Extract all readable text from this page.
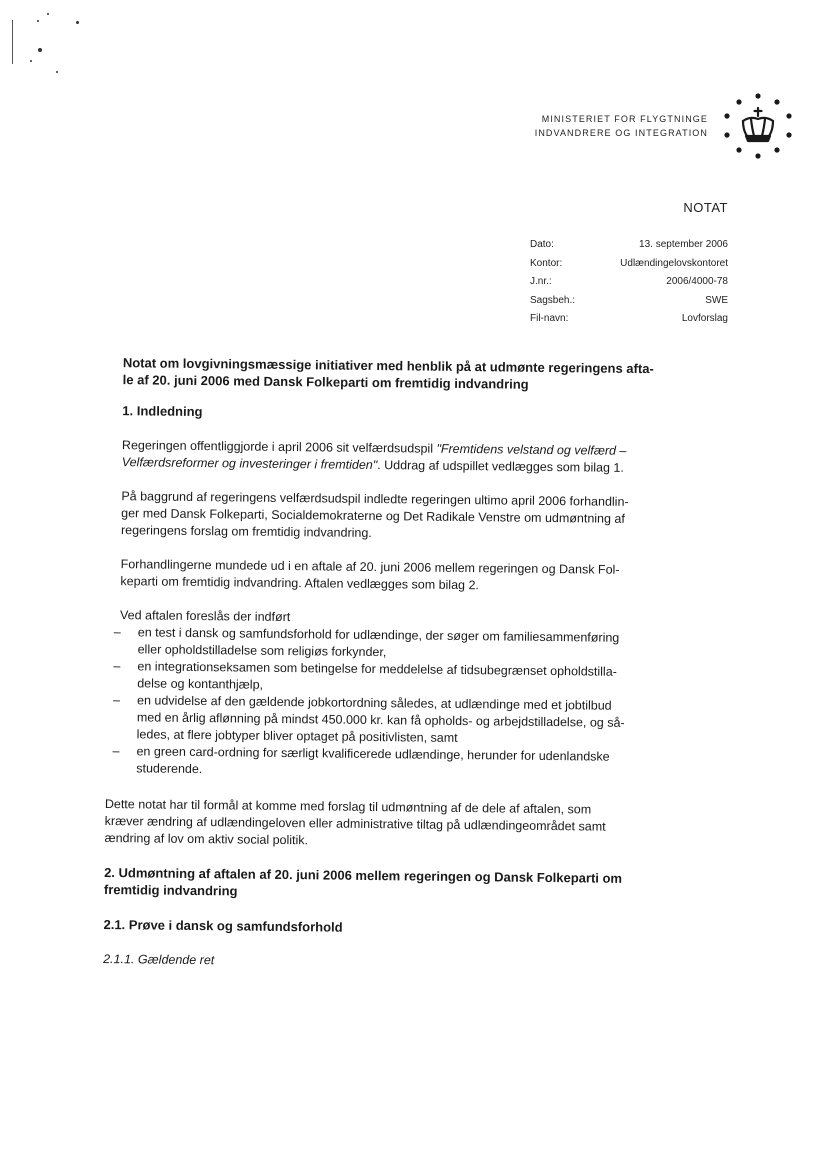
MINISTERIET FOR FLYGTNINGE
INDVANDRERE OG INTEGRATION
NOTAT
Dato:	13. september 2006
Kontor:	Udlændingelovskontoret
J.nr.:	2006/4000-78
Sagsbeh.:	SWE
Fil-navn:	Lovforslag
Notat om lovgivningsmæssige initiativer med henblik på at udmønte regeringens afta-
le af 20. juni 2006 med Dansk Folkeparti om fremtidig indvandring
1. Indledning
Regeringen offentliggjorde i april 2006 sit velfærdsudspil "Fremtidens velstand og velfærd –
Velfærdsreformer og investeringer i fremtiden". Uddrag af udspillet vedlægges som bilag 1.
På baggrund af regeringens velfærdsudspil indledte regeringen ultimo april 2006 forhandlin-
ger med Dansk Folkeparti, Socialdemokraterne og Det Radikale Venstre om udmøntning af
regeringens forslag om fremtidig indvandring.
Forhandlingerne mundede ud i en aftale af 20. juni 2006 mellem regeringen og Dansk Fol-
keparti om fremtidig indvandring. Aftalen vedlægges som bilag 2.
Ved aftalen foreslås der indført
– en test i dansk og samfundsforhold for udlændinge, der søger om familiesammenføring
eller opholdstilladelse som religiøs forkynder,
– en integrationseksamen som betingelse for meddelelse af tidsubegrænset opholdstilla-
delse og kontanthjælp,
– en udvidelse af den gældende jobkortordning således, at udlændinge med et jobtilbud
med en årlig aflønning på mindst 450.000 kr. kan få opholds- og arbejdstilladelse, og så-
ledes, at flere jobtyper bliver optaget på positivlisten, samt
– en green card-ordning for særligt kvalificerede udlændinge, herunder for udenlandske
studerende.
Dette notat har til formål at komme med forslag til udmøntning af de dele af aftalen, som
kræver ændring af udlændingeloven eller administrative tiltag på udlændingeområdet samt
ændring af lov om aktiv social politik.
2. Udmøntning af aftalen af 20. juni 2006 mellem regeringen og Dansk Folkeparti om
fremtidig indvandring
2.1. Prøve i dansk og samfundsforhold
2.1.1. Gældende ret
